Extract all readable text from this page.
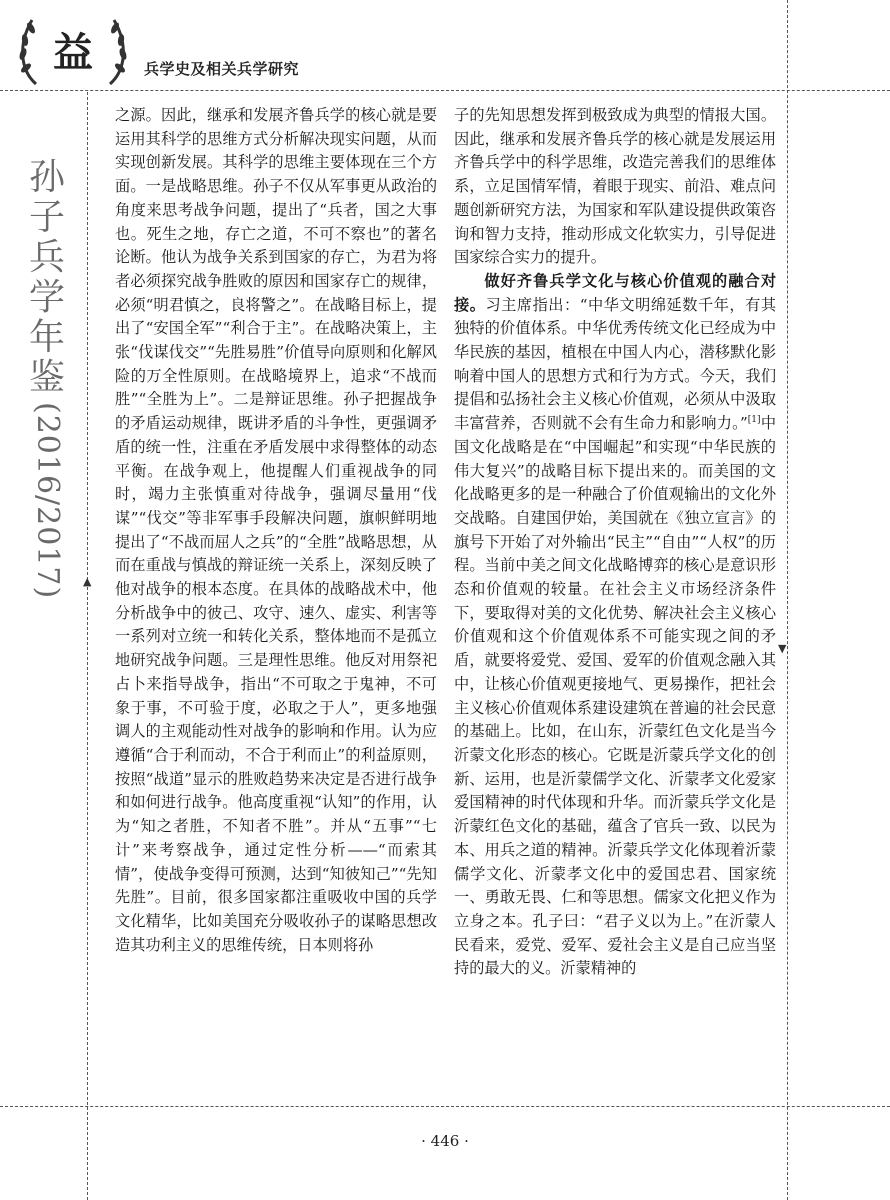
益	兵学史及相关兵学研究
孙
子
兵
学
年
鉴
(2016/2017) ▲
▼

之源。因此，继承和发展齐鲁兵学的核心就是要运用其科学的思维方式分析解决现实问题，从而实现创新发展。其科学的思维主要体现在三个方面。一是战略思维。孙子不仅从军事更从政治的角度来思考战争问题，提出了“兵者，国之大事也。死生之地，存亡之道，不可不察也”的著名论断。他认为战争关系到国家的存亡，为君为将者必须探究战争胜败的原因和国家存亡的规律，必须“明君慎之，良将警之”。在战略目标上，提出了“安国全军”“利合于主”。在战略决策上，主张“伐谋伐交”“先胜易胜”价值导向原则和化解风险的万全性原则。在战略境界上，追求“不战而胜”“全胜为上”。二是辩证思维。孙子把握战争的矛盾运动规律，既讲矛盾的斗争性，更强调矛盾的统一性，注重在矛盾发展中求得整体的动态平衡。在战争观上，他提醒人们重视战争的同时，竭力主张慎重对待战争，强调尽量用“伐谋”“伐交”等非军事手段解决问题，旗帜鲜明地提出了“不战而屈人之兵”的“全胜”战略思想，从而在重战与慎战的辩证统一关系上，深刻反映了他对战争的根本态度。在具体的战略战术中，他分析战争中的彼己、攻守、速久、虚实、利害等一系列对立统一和转化关系，整体地而不是孤立地研究战争问题。三是理性思维。他反对用祭祀占卜来指导战争，指出“不可取之于鬼神，不可象于事，不可验于度，必取之于人”，更多地强调人的主观能动性对战争的影响和作用。认为应遵循“合于利而动，不合于利而止”的利益原则，按照“战道”显示的胜败趋势来决定是否进行战争和如何进行战争。他高度重视“认知”的作用，认为“知之者胜，不知者不胜”。并从“五事”“七计”来考察战争，通过定性分析——“而索其情”，使战争变得可预测，达到“知彼知己”“先知先胜”。目前，很多国家都注重吸收中国的兵学文化精华，比如美国充分吸收孙子的谋略思想改造其功利主义的思维传统，日本则将孙

子的先知思想发挥到极致成为典型的情报大国。因此，继承和发展齐鲁兵学的核心就是发展运用齐鲁兵学中的科学思维，改造完善我们的思维体系，立足国情军情，着眼于现实、前沿、难点问题创新研究方法，为国家和军队建设提供政策咨询和智力支持，推动形成文化软实力，引导促进国家综合实力的提升。

做好齐鲁兵学文化与核心价值观的融合对接。习主席指出：“中华文明绵延数千年，有其独特的价值体系。中华优秀传统文化已经成为中华民族的基因，植根在中国人内心，潜移默化影响着中国人的思想方式和行为方式。今天，我们提倡和弘扬社会主义核心价值观，必须从中汲取丰富营养，否则就不会有生命力和影响力。”[1]中国文化战略是在“中国崛起”和实现“中华民族的伟大复兴”的战略目标下提出来的。而美国的文化战略更多的是一种融合了价值观输出的文化外交战略。自建国伊始，美国就在《独立宣言》的旗号下开始了对外输出“民主”“自由”“人权”的历程。当前中美之间文化战略博弈的核心是意识形态和价值观的较量。在社会主义市场经济条件下，要取得对美的文化优势、解决社会主义核心价值观和这个价值观体系不可能实现之间的矛盾，就要将爱党、爱国、爱军的价值观念融入其中，让核心价值观更接地气、更易操作，把社会主义核心价值观体系建设建筑在普遍的社会民意的基础上。比如，在山东，沂蒙红色文化是当今沂蒙文化形态的核心。它既是沂蒙兵学文化的创新、运用，也是沂蒙儒学文化、沂蒙孝文化爱家爱国精神的时代体现和升华。而沂蒙兵学文化是沂蒙红色文化的基础，蕴含了官兵一致、以民为本、用兵之道的精神。沂蒙兵学文化体现着沂蒙儒学文化、沂蒙孝文化中的爱国忠君、国家统一、勇敢无畏、仁和等思想。儒家文化把义作为立身之本。孔子曰：“君子义以为上。”在沂蒙人民看来，爱党、爱军、爱社会主义是自己应当坚持的最大的义。沂蒙精神的

· 446 ·
